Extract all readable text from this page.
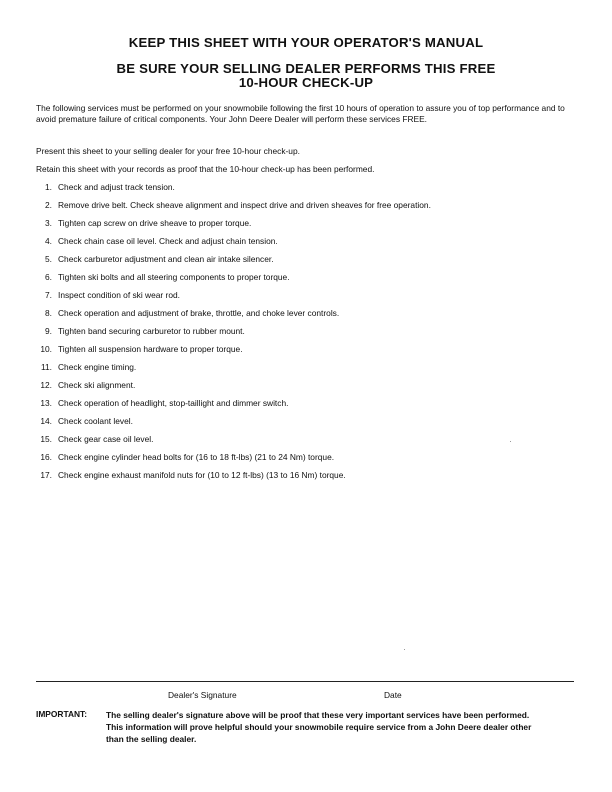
KEEP THIS SHEET WITH YOUR OPERATOR'S MANUAL
BE SURE YOUR SELLING DEALER PERFORMS THIS FREE
10-HOUR CHECK-UP
The following services must be performed on your snowmobile following the first 10 hours of operation to assure you of top performance and to avoid premature failure of critical components. Your John Deere Dealer will perform these services FREE.
Present this sheet to your selling dealer for your free 10-hour check-up.
Retain this sheet with your records as proof that the 10-hour check-up has been performed.
1. Check and adjust track tension.
2. Remove drive belt. Check sheave alignment and inspect drive and driven sheaves for free operation.
3. Tighten cap screw on drive sheave to proper torque.
4. Check chain case oil level. Check and adjust chain tension.
5. Check carburetor adjustment and clean air intake silencer.
6. Tighten ski bolts and all steering components to proper torque.
7. Inspect condition of ski wear rod.
8. Check operation and adjustment of brake, throttle, and choke lever controls.
9. Tighten band securing carburetor to rubber mount.
10. Tighten all suspension hardware to proper torque.
11. Check engine timing.
12. Check ski alignment.
13. Check operation of headlight, stop-taillight and dimmer switch.
14. Check coolant level.
15. Check gear case oil level.
16. Check engine cylinder head bolts for (16 to 18 ft-lbs) (21 to 24 Nm) torque.
17. Check engine exhaust manifold nuts for (10 to 12 ft-lbs) (13 to 16 Nm) torque.
Dealer's Signature	Date
IMPORTANT: The selling dealer's signature above will be proof that these very important services have been performed. This information will prove helpful should your snowmobile require service from a John Deere dealer other than the selling dealer.
